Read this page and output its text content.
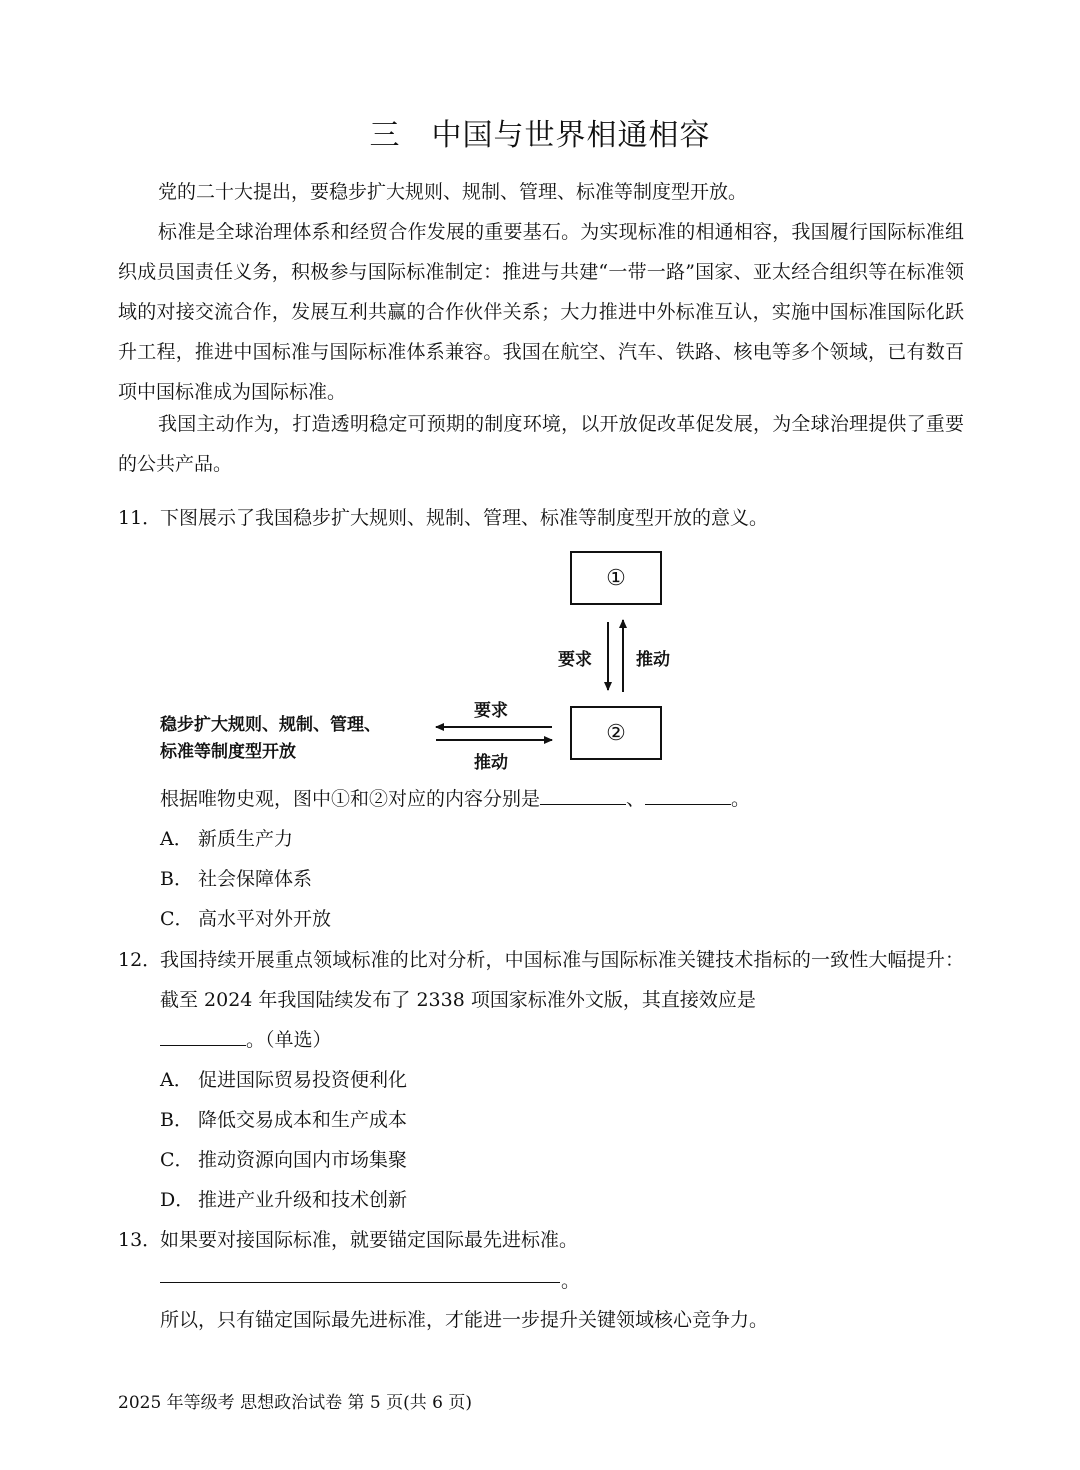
三　中国与世界相通相容
党的二十大提出，要稳步扩大规则、规制、管理、标准等制度型开放。
标准是全球治理体系和经贸合作发展的重要基石。为实现标准的相通相容，我国履行国际标准组织成员国责任义务，积极参与国际标准制定：推进与共建“一带一路”国家、亚太经合组织等在标准领域的对接交流合作，发展互利共赢的合作伙伴关系；大力推进中外标准互认，实施中国标准国际化跃升工程，推进中国标准与国际标准体系兼容。我国在航空、汽车、铁路、核电等多个领域，已有数百项中国标准成为国际标准。
我国主动作为，打造透明稳定可预期的制度环境，以开放促改革促发展，为全球治理提供了重要的公共产品。
11．
下图展示了我国稳步扩大规则、规制、管理、标准等制度型开放的意义。
①
②
要求	推动
要求
推动
稳步扩大规则、规制、管理、
标准等制度型开放
根据唯物史观，图中①和②对应的内容分别是	、	。
A． 新质生产力
B． 社会保障体系
C． 高水平对外开放
12．
我国持续开展重点领域标准的比对分析，中国标准与国际标准关键技术指标的一致性大幅提升：截至 2024 年我国陆续发布了 2338 项国家标准外文版，其直接效应是
。（单选）
A． 促进国际贸易投资便利化
B． 降低交易成本和生产成本
C． 推动资源向国内市场集聚
D． 推进产业升级和技术创新
13．如果要对接国际标准，就要锚定国际最先进标准。
。
所以，只有锚定国际最先进标准，才能进一步提升关键领域核心竞争力。
2025 年等级考 思想政治试卷 第 5 页(共 6 页)
